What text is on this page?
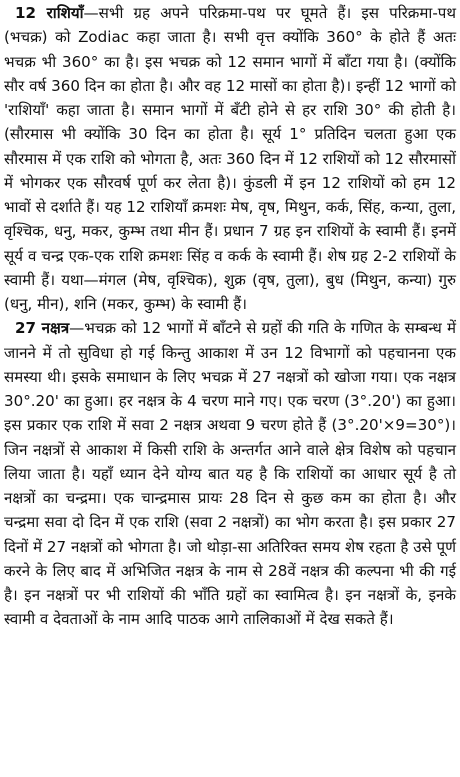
12 राशियाँ—सभी ग्रह अपने परिक्रमा-पथ पर घूमते हैं। इस परिक्रमा-पथ (भचक्र) को Zodiac कहा जाता है। सभी वृत्त क्योंकि 360° के होते हैं अतः भचक्र भी 360° का है। इस भचक्र को 12 समान भागों में बाँटा गया है। (क्योंकि सौर वर्ष 360 दिन का होता है। और वह 12 मासों का होता है)। इन्हीं 12 भागों को 'राशियाँ' कहा जाता है। समान भागों में बँटी होने से हर राशि 30° की होती है। (सौरमास भी क्योंकि 30 दिन का होता है। सूर्य 1° प्रतिदिन चलता हुआ एक सौरमास में एक राशि को भोगता है, अतः 360 दिन में 12 राशियों को 12 सौरमासों में भोगकर एक सौरवर्ष पूर्ण कर लेता है)। कुंडली में इन 12 राशियों को हम 12 भावों से दर्शाते हैं। यह 12 राशियाँ क्रमशः मेष, वृष, मिथुन, कर्क, सिंह, कन्या, तुला, वृश्चिक, धनु, मकर, कुम्भ तथा मीन हैं। प्रधान 7 ग्रह इन राशियों के स्वामी हैं। इनमें सूर्य व चन्द्र एक-एक राशि क्रमशः सिंह व कर्क के स्वामी हैं। शेष ग्रह 2-2 राशियों के स्वामी हैं। यथा—मंगल (मेष, वृश्चिक), शुक्र (वृष, तुला), बुध (मिथुन, कन्या) गुरु (धनु, मीन), शनि (मकर, कुम्भ) के स्वामी हैं।

27 नक्षत्र—भचक्र को 12 भागों में बाँटने से ग्रहों की गति के गणित के सम्बन्ध में जानने में तो सुविधा हो गई किन्तु आकाश में उन 12 विभागों को पहचानना एक समस्या थी। इसके समाधान के लिए भचक्र में 27 नक्षत्रों को खोजा गया। एक नक्षत्र 30°.20' का हुआ। हर नक्षत्र के 4 चरण माने गए। एक चरण (3°.20') का हुआ। इस प्रकार एक राशि में सवा 2 नक्षत्र अथवा 9 चरण होते हैं (3°.20'×9=30°)। जिन नक्षत्रों से आकाश में किसी राशि के अन्तर्गत आने वाले क्षेत्र विशेष को पहचान लिया जाता है। यहाँ ध्यान देने योग्य बात यह है कि राशियों का आधार सूर्य है तो नक्षत्रों का चन्द्रमा। एक चान्द्रमास प्रायः 28 दिन से कुछ कम का होता है। और चन्द्रमा सवा दो दिन में एक राशि (सवा 2 नक्षत्रों) का भोग करता है। इस प्रकार 27 दिनों में 27 नक्षत्रों को भोगता है। जो थोड़ा-सा अतिरिक्त समय शेष रहता है उसे पूर्ण करने के लिए बाद में अभिजित नक्षत्र के नाम से 28वें नक्षत्र की कल्पना भी की गई है। इन नक्षत्रों पर भी राशियों की भाँति ग्रहों का स्वामित्व है। इन नक्षत्रों के, इनके स्वामी व देवताओं के नाम आदि पाठक आगे तालिकाओं में देख सकते हैं।
